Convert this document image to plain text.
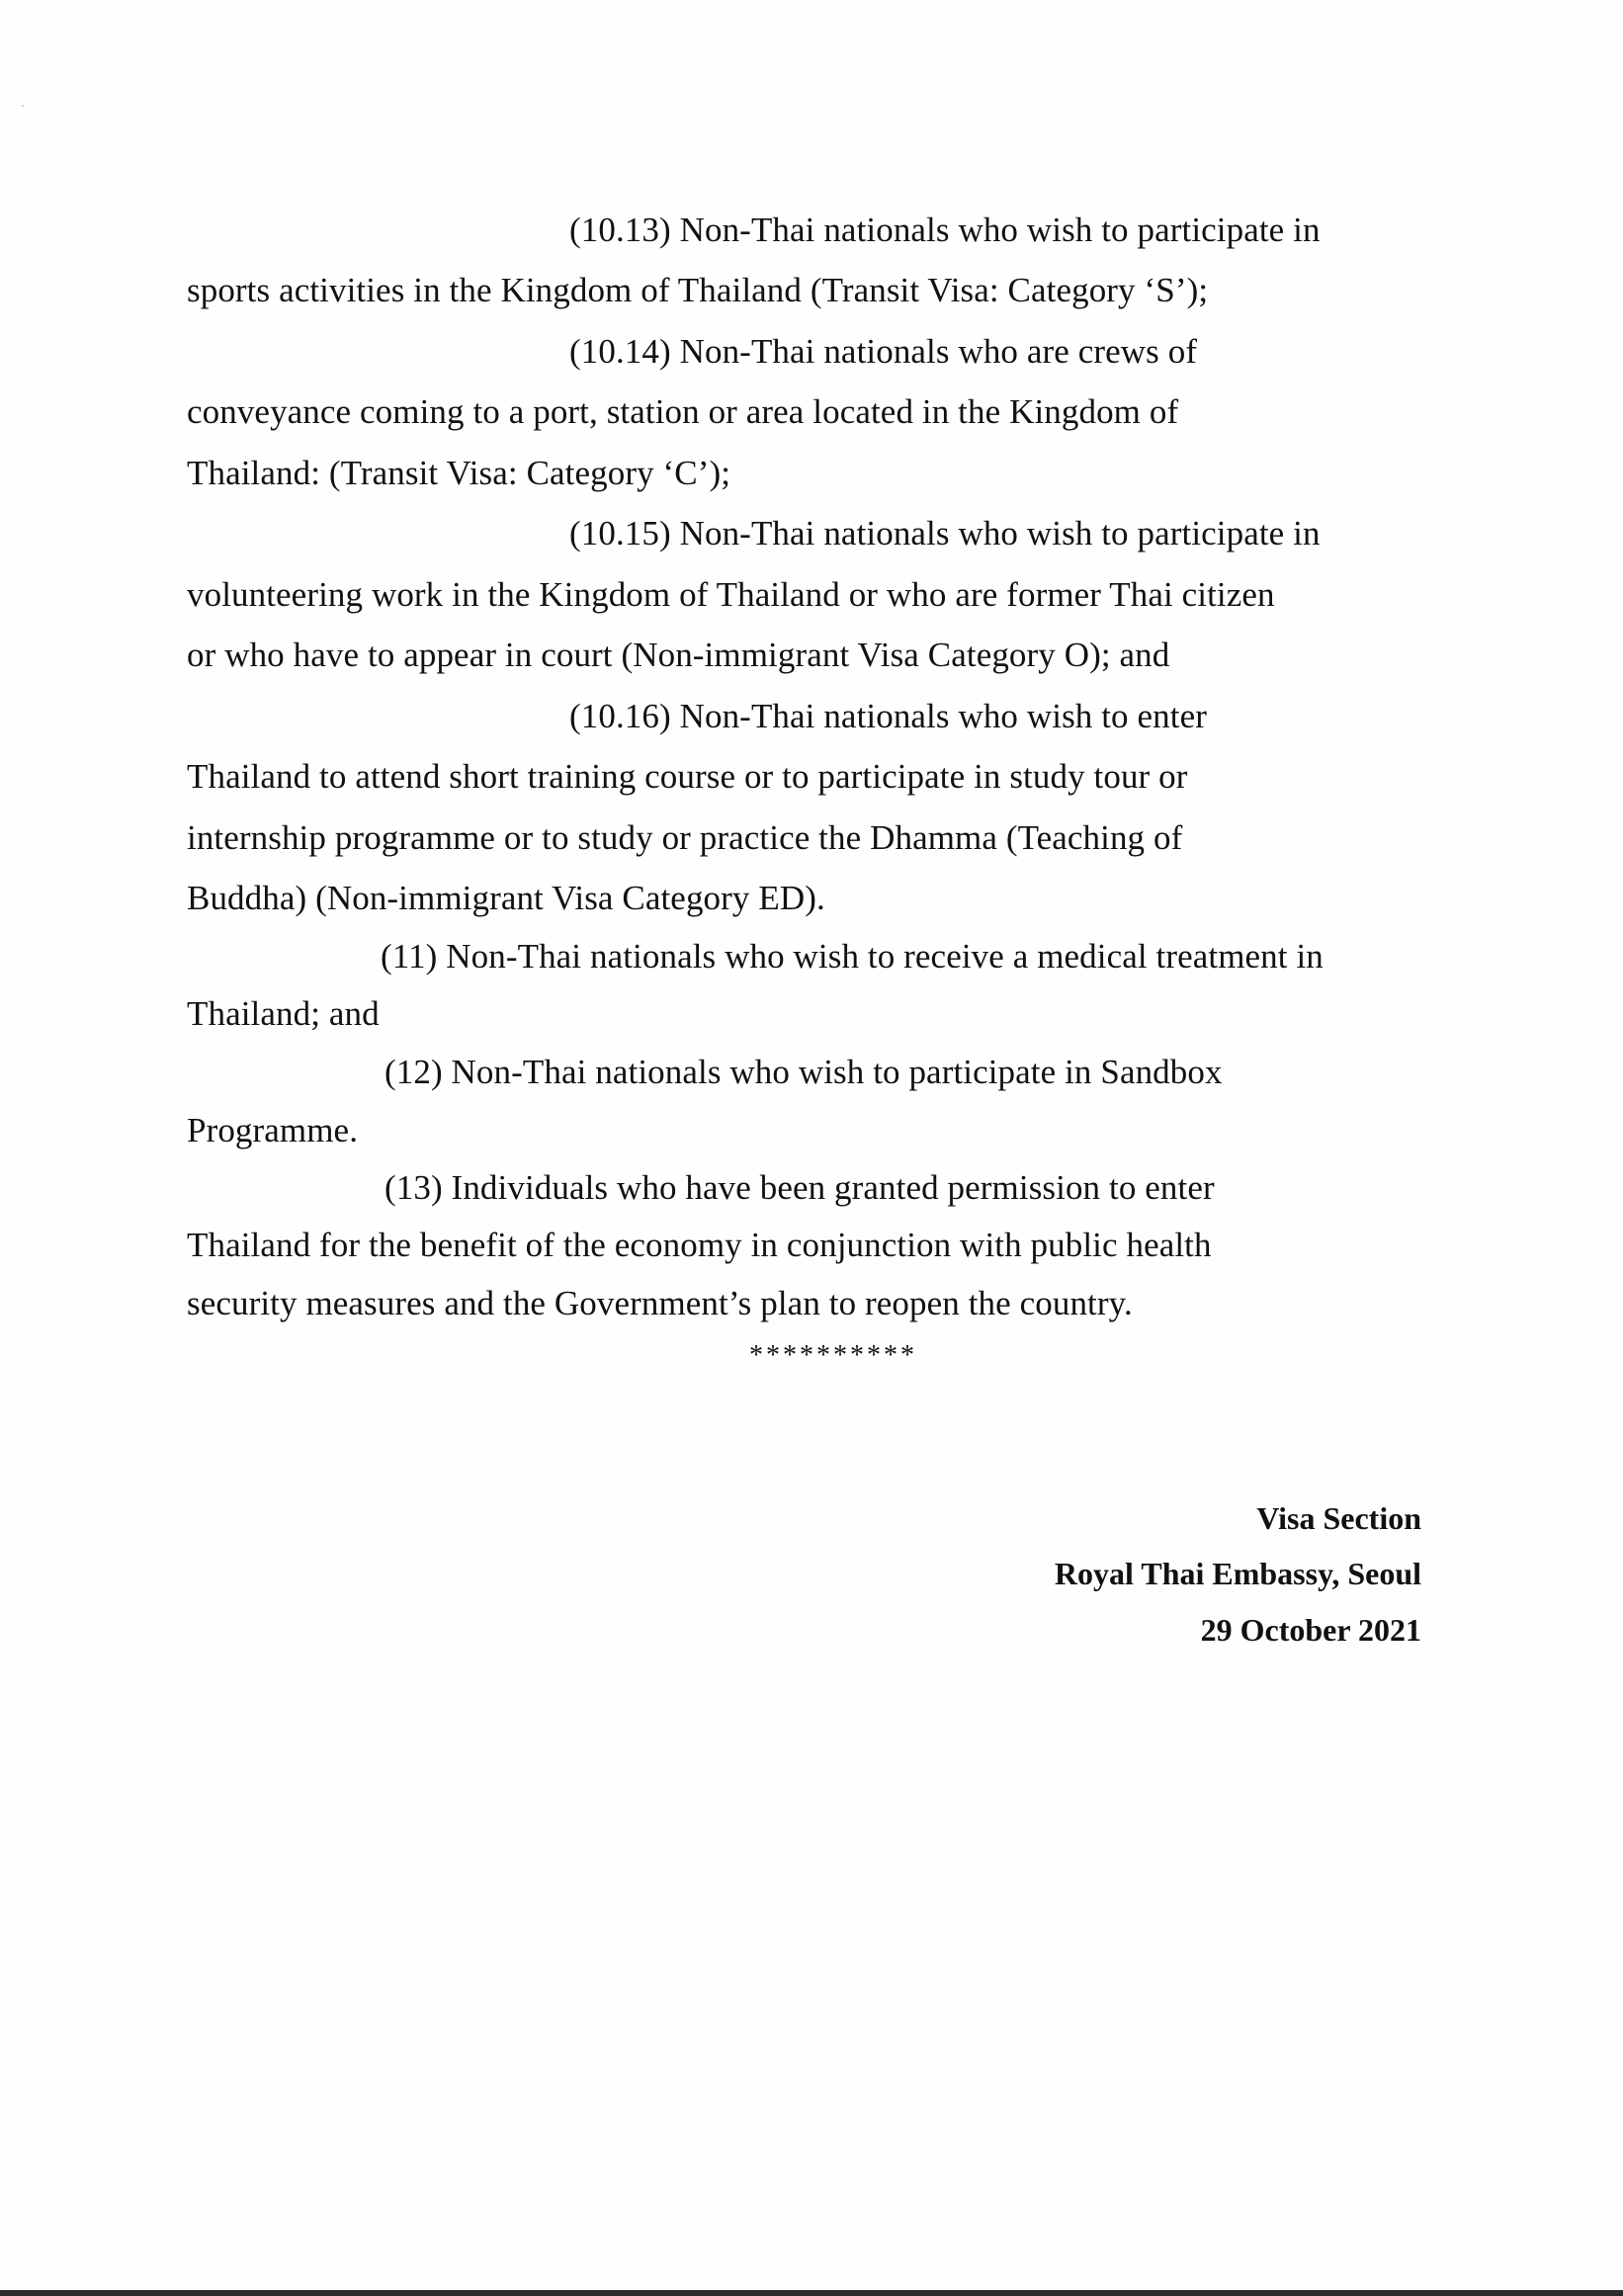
(10.13) Non-Thai nationals who wish to participate in
sports activities in the Kingdom of Thailand (Transit Visa: Category ‘S’);
(10.14) Non-Thai nationals who are crews of
conveyance coming to a port, station or area located in the Kingdom of
Thailand: (Transit Visa: Category ‘C’);
(10.15) Non-Thai nationals who wish to participate in
volunteering work in the Kingdom of Thailand or who are former Thai citizen
or who have to appear in court (Non-immigrant Visa Category O); and
(10.16) Non-Thai nationals who wish to enter
Thailand to attend short training course or to participate in study tour or
internship programme or to study or practice the Dhamma (Teaching of
Buddha) (Non-immigrant Visa Category ED).
(11) Non-Thai nationals who wish to receive a medical treatment in
Thailand; and
(12) Non-Thai nationals who wish to participate in Sandbox
Programme.
(13) Individuals who have been granted permission to enter
Thailand for the benefit of the economy in conjunction with public health
security measures and the Government’s plan to reopen the country.
**********
Visa Section
Royal Thai Embassy, Seoul
29 October 2021
